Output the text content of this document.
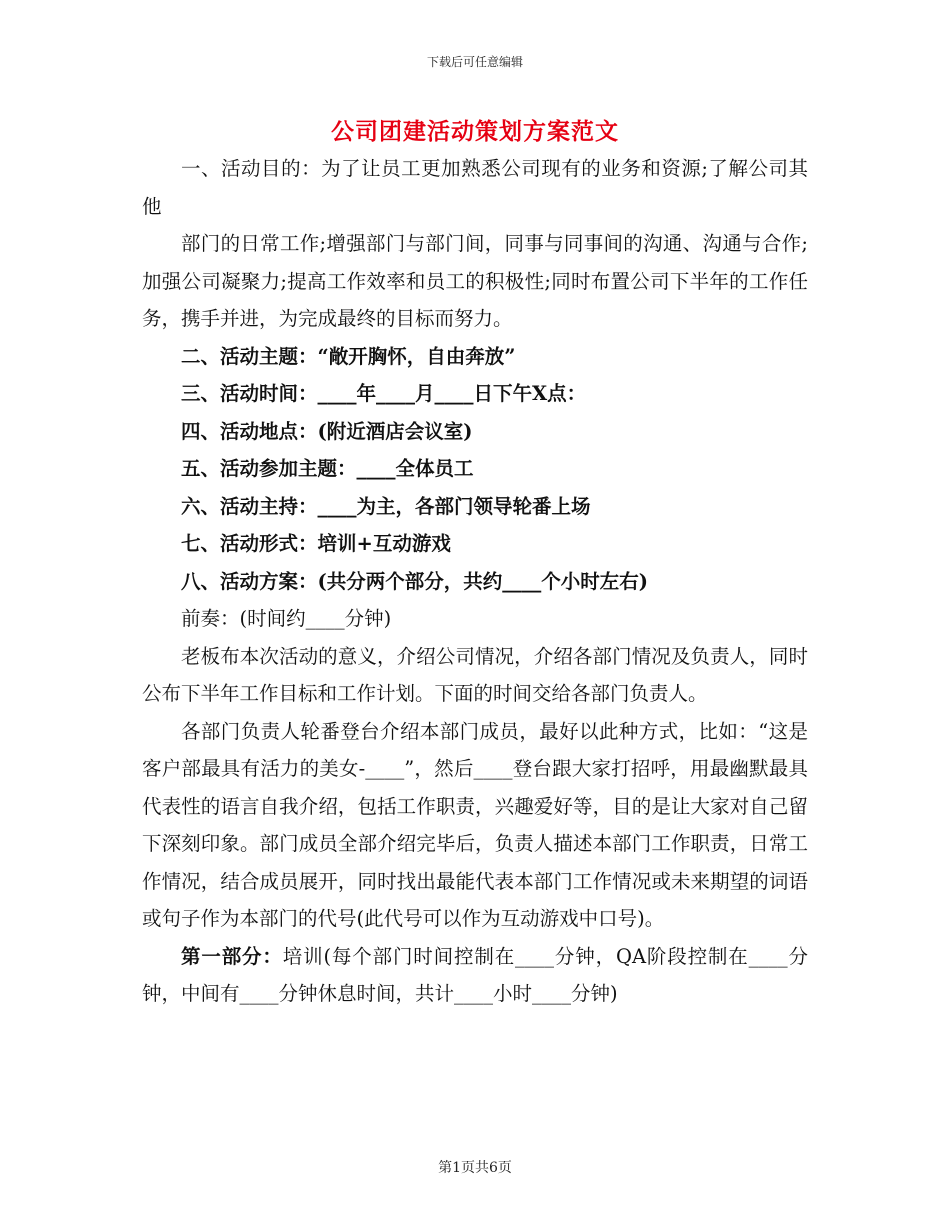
下载后可任意编辑
公司团建活动策划方案范文

一、活动目的：为了让员工更加熟悉公司现有的业务和资源;了解公司其他

部门的日常工作;增强部门与部门间，同事与同事间的沟通、沟通与合作;加强公司凝聚力;提高工作效率和员工的积极性;同时布置公司下半年的工作任务，携手并进，为完成最终的目标而努力。

二、活动主题：“敞开胸怀，自由奔放”

三、活动时间：____年____月____日下午X点：

四、活动地点：(附近酒店会议室)

五、活动参加主题：____全体员工

六、活动主持：____为主，各部门领导轮番上场

七、活动形式：培训+互动游戏

八、活动方案：(共分两个部分，共约____个小时左右)

前奏：(时间约____分钟)

老板布本次活动的意义，介绍公司情况，介绍各部门情况及负责人，同时公布下半年工作目标和工作计划。下面的时间交给各部门负责人。

各部门负责人轮番登台介绍本部门成员，最好以此种方式，比如：“这是客户部最具有活力的美女-____”，然后____登台跟大家打招呼，用最幽默最具代表性的语言自我介绍，包括工作职责，兴趣爱好等，目的是让大家对自己留下深刻印象。部门成员全部介绍完毕后，负责人描述本部门工作职责，日常工作情况，结合成员展开，同时找出最能代表本部门工作情况或未来期望的词语或句子作为本部门的代号(此代号可以作为互动游戏中口号)。

第一部分：培训(每个部门时间控制在____分钟，QA阶段控制在____分钟，中间有____分钟休息时间，共计____小时____分钟)

第1页共6页
